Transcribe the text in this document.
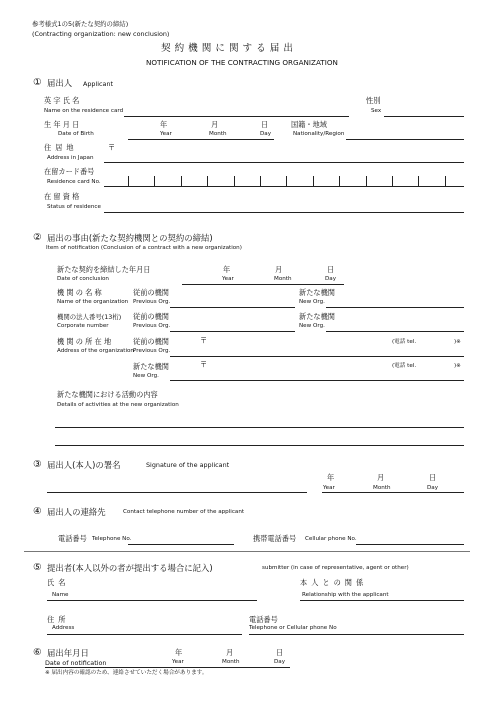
参考様式1の5(新たな契約の締結)
(Contracting organization: new conclusion)
契約機関に関する届出
NOTIFICATION OF THE CONTRACTING ORGANIZATION
① 届出人 Applicant
英字氏名
Name on the residence card
性別
Sex
生年月日
Date of Birth
年
Year
月
Month
日
Day
国籍・地域
Nationality/Region
住居地	〒
Address in Japan
在留カード番号
Residence card No.
在留資格
Status of residence
② 届出の事由(新たな契約機関との契約の締結)
Item of notification (Conclusion of a contract with a new organization)
新たな契約を締結した年月日
Date of conclusion
年
Year
月
Month
日
Day
機関の名称
Name of the organization
従前の機関
Previous Org.
新たな機関
New Org.
機関の法人番号(13桁)
Corporate number
従前の機関
Previous Org.
新たな機関
New Org.
機関の所在地
Address of the organization
従前の機関
Previous Org.
〒	(電話 tel.	)※
新たな機関
New Org.
〒	(電話 tel.	)※
新たな機関における活動の内容
Details of activities at the new organization
③ 届出人(本人)の署名	Signature of the applicant
年
Year
月
Month
日
Day
④ 届出人の連絡先	Contact telephone number of the applicant
電話番号 Telephone No.	携帯電話番号 Cellular phone No.
⑤ 提出者(本人以外の者が提出する場合に記入)	submitter (in case of representative, agent or other)
氏名
Name
本人との関係
Relationship with the applicant
住所
Address
電話番号
Telephone or Cellular phone No
⑥ 届出年月日
Date of notification
年
Year
月
Month
日
Day
※ 届出内容の確認のため、連絡させていただく場合があります。
